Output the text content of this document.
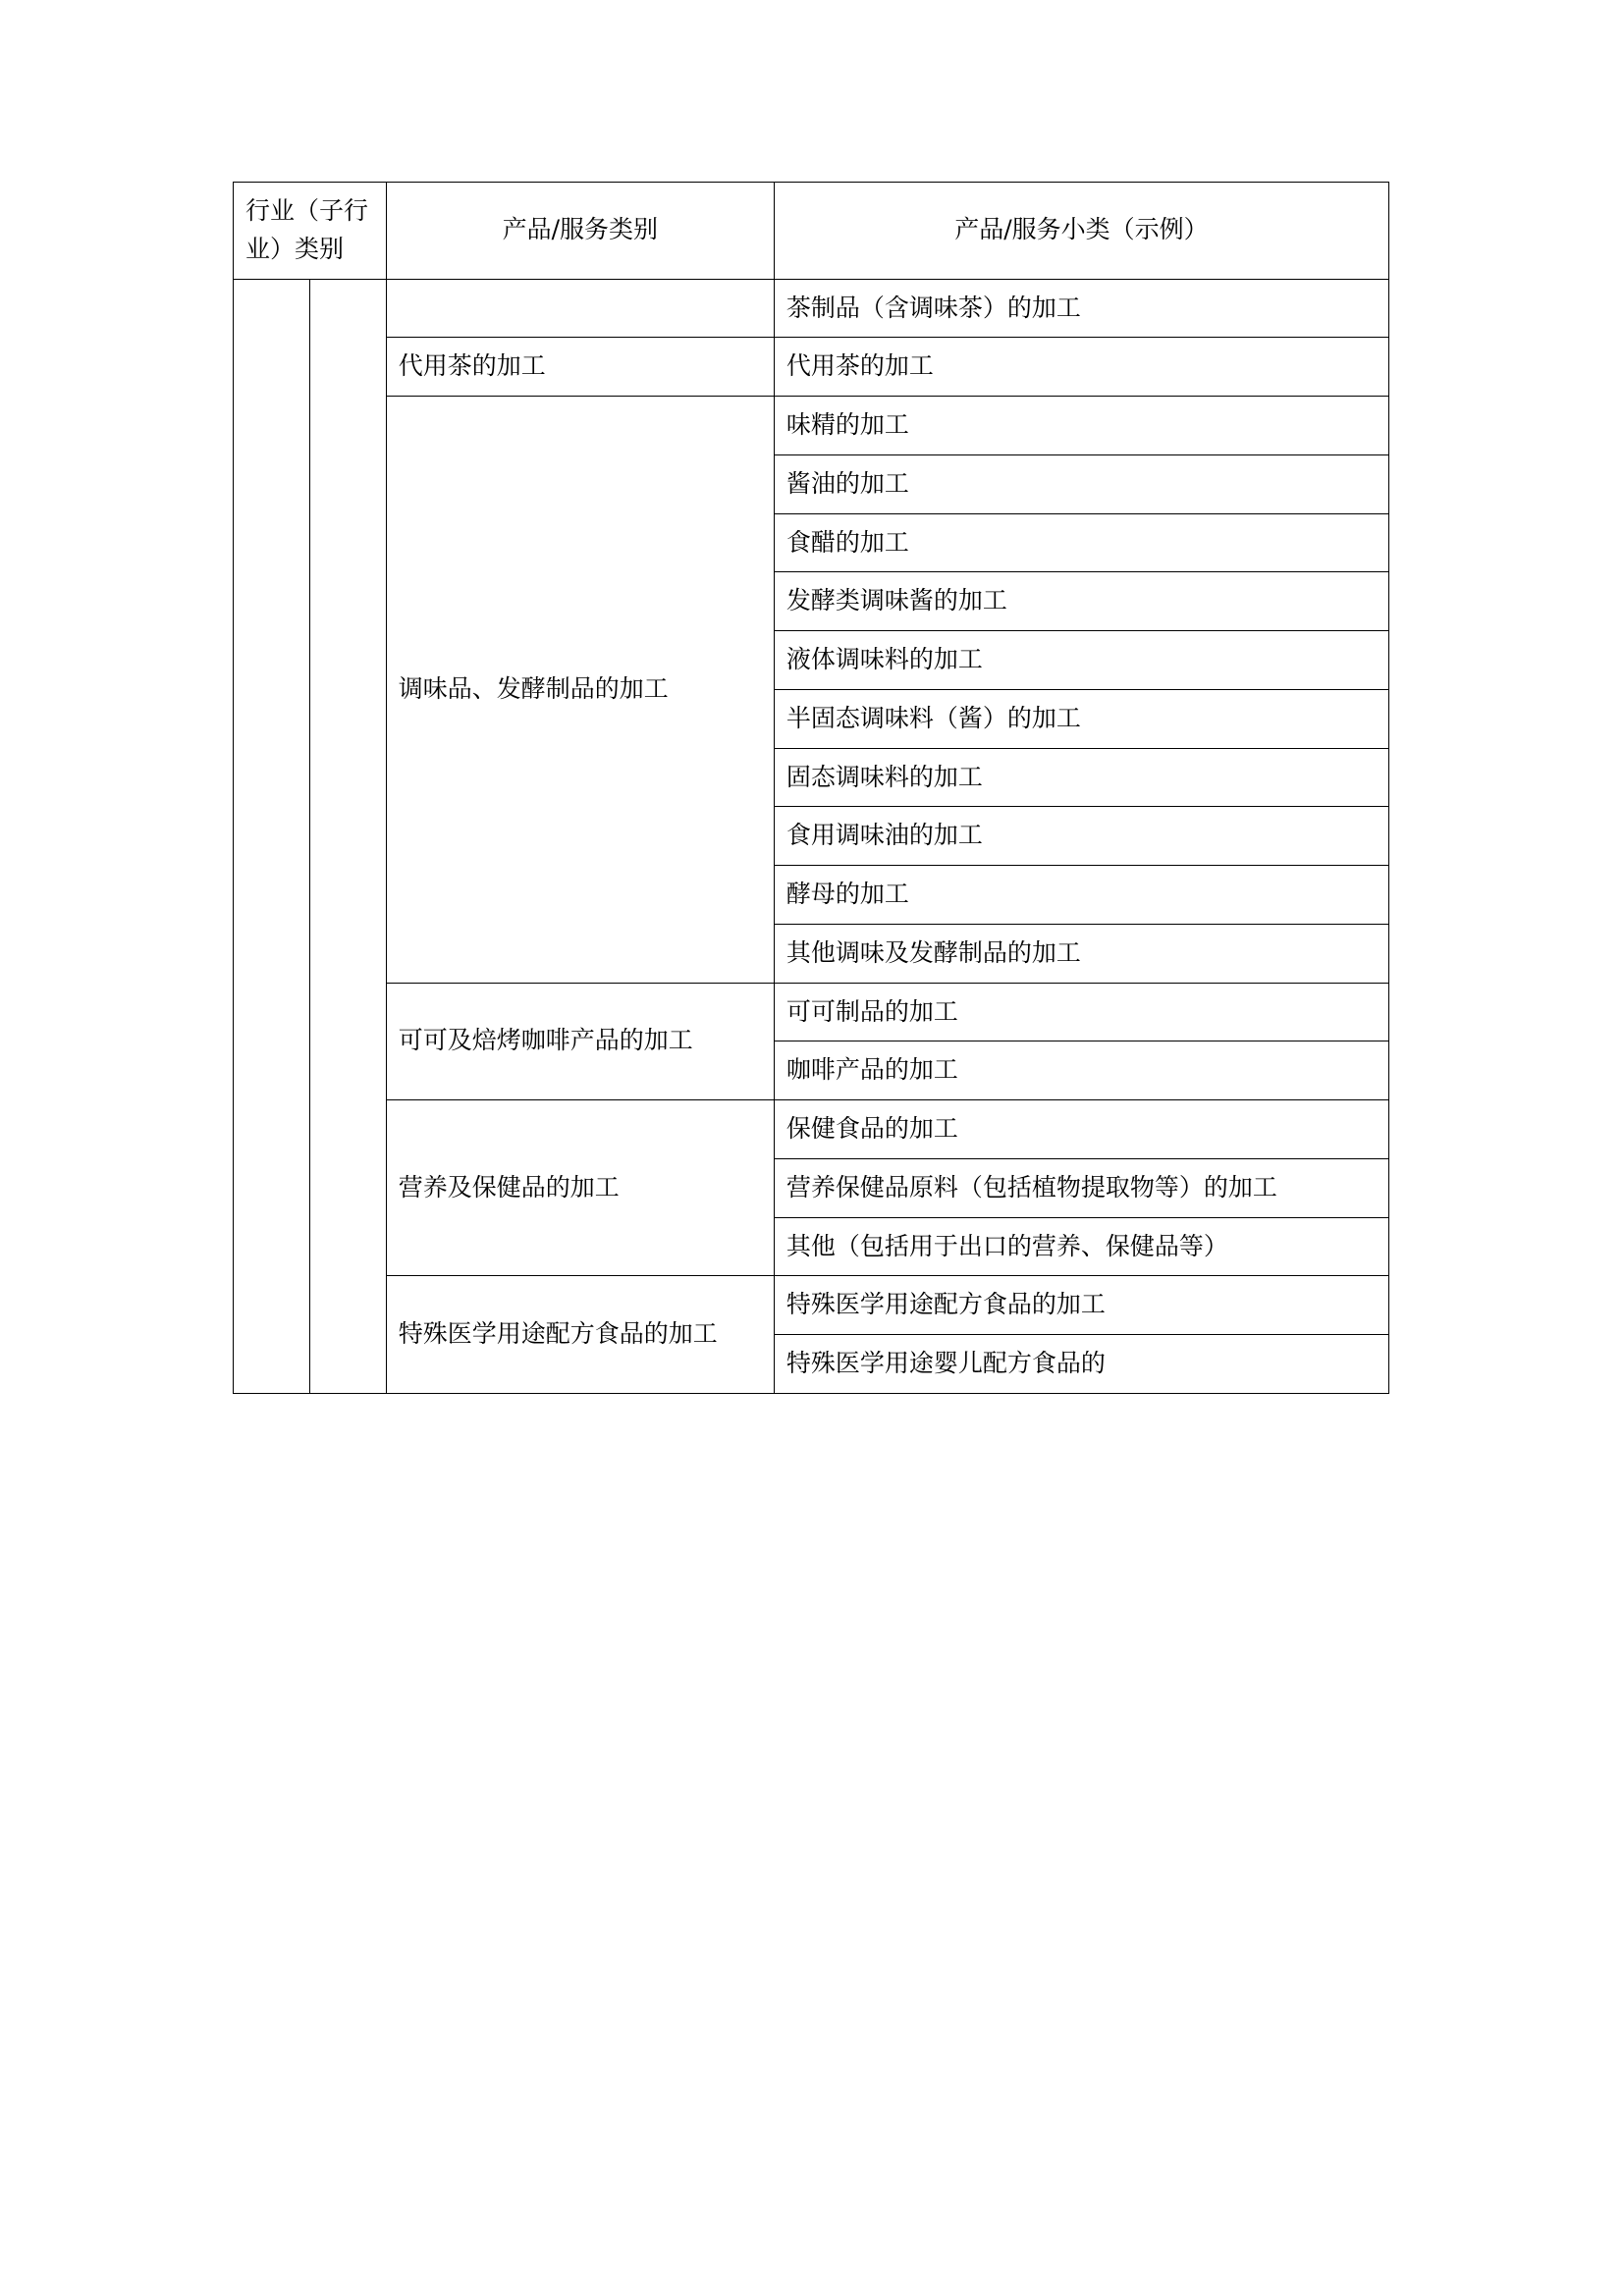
行业（子行业）类别		产品/服务类别	产品/服务小类（示例）
			茶制品（含调味茶）的加工
		代用茶的加工	代用茶的加工
		调味品、发酵制品的加工	味精的加工
			酱油的加工
			食醋的加工
			发酵类调味酱的加工
			液体调味料的加工
			半固态调味料（酱）的加工
			固态调味料的加工
			食用调味油的加工
			酵母的加工
			其他调味及发酵制品的加工
		可可及焙烤咖啡产品的加工	可可制品的加工
			咖啡产品的加工
		营养及保健品的加工	保健食品的加工
			营养保健品原料（包括植物提取物等）的加工
			其他（包括用于出口的营养、保健品等）
		特殊医学用途配方食品的加工	特殊医学用途配方食品的加工
			特殊医学用途婴儿配方食品的
